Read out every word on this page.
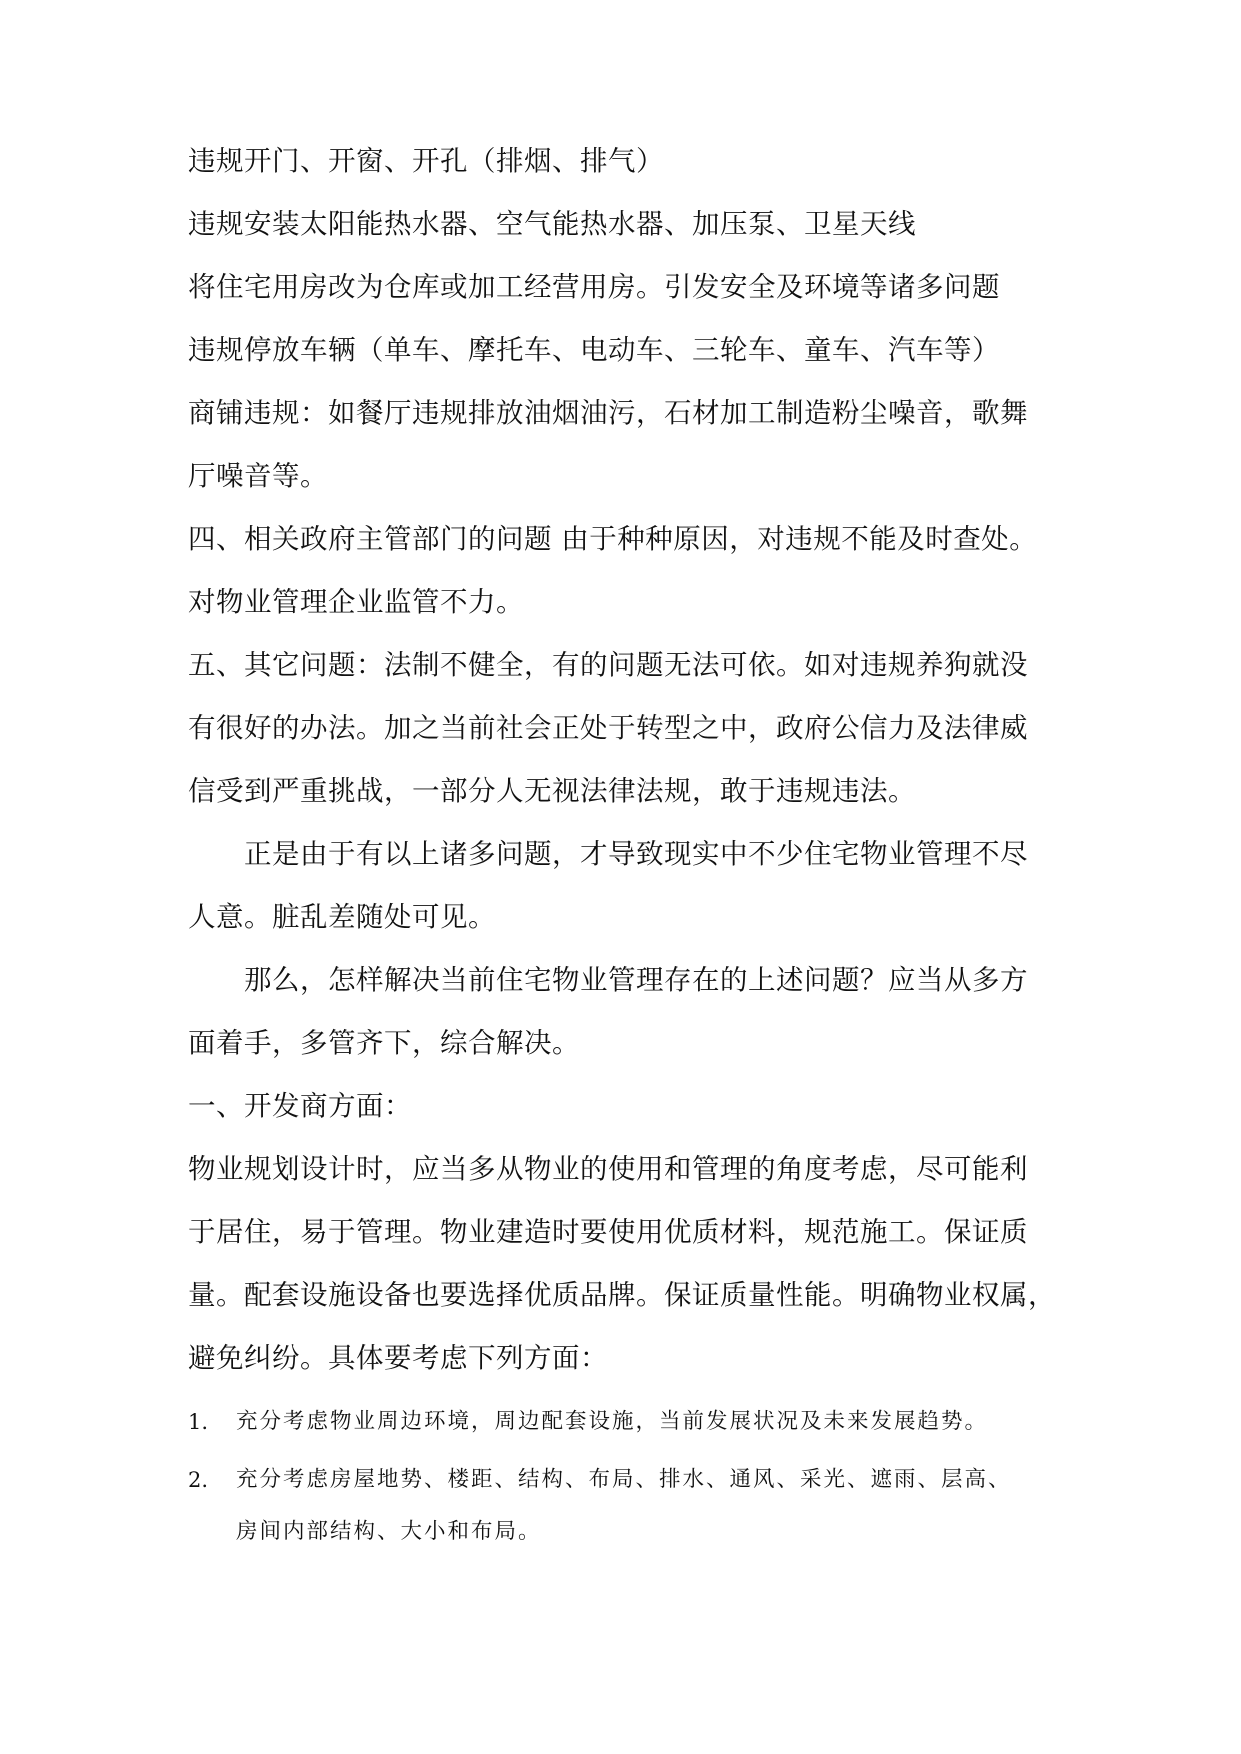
违规开门、开窗、开孔（排烟、排气）
违规安装太阳能热水器、空气能热水器、加压泵、卫星天线
将住宅用房改为仓库或加工经营用房。引发安全及环境等诸多问题
违规停放车辆（单车、摩托车、电动车、三轮车、童车、汽车等）
商铺违规：如餐厅违规排放油烟油污，石材加工制造粉尘噪音，歌舞
厅噪音等。
四、相关政府主管部门的问题 由于种种原因，对违规不能及时查处。
对物业管理企业监管不力。
五、其它问题：法制不健全，有的问题无法可依。如对违规养狗就没
有很好的办法。加之当前社会正处于转型之中，政府公信力及法律威
信受到严重挑战，一部分人无视法律法规，敢于违规违法。
正是由于有以上诸多问题，才导致现实中不少住宅物业管理不尽
人意。脏乱差随处可见。
那么，怎样解决当前住宅物业管理存在的上述问题？应当从多方
面着手，多管齐下，综合解决。
一、开发商方面：
物业规划设计时，应当多从物业的使用和管理的角度考虑，尽可能利
于居住，易于管理。物业建造时要使用优质材料，规范施工。保证质
量。配套设施设备也要选择优质品牌。保证质量性能。明确物业权属，
避免纠纷。具体要考虑下列方面：
1. 充分考虑物业周边环境，周边配套设施，当前发展状况及未来发展趋势。
2. 充分考虑房屋地势、楼距、结构、布局、排水、通风、采光、遮雨、层高、
房间内部结构、大小和布局。
